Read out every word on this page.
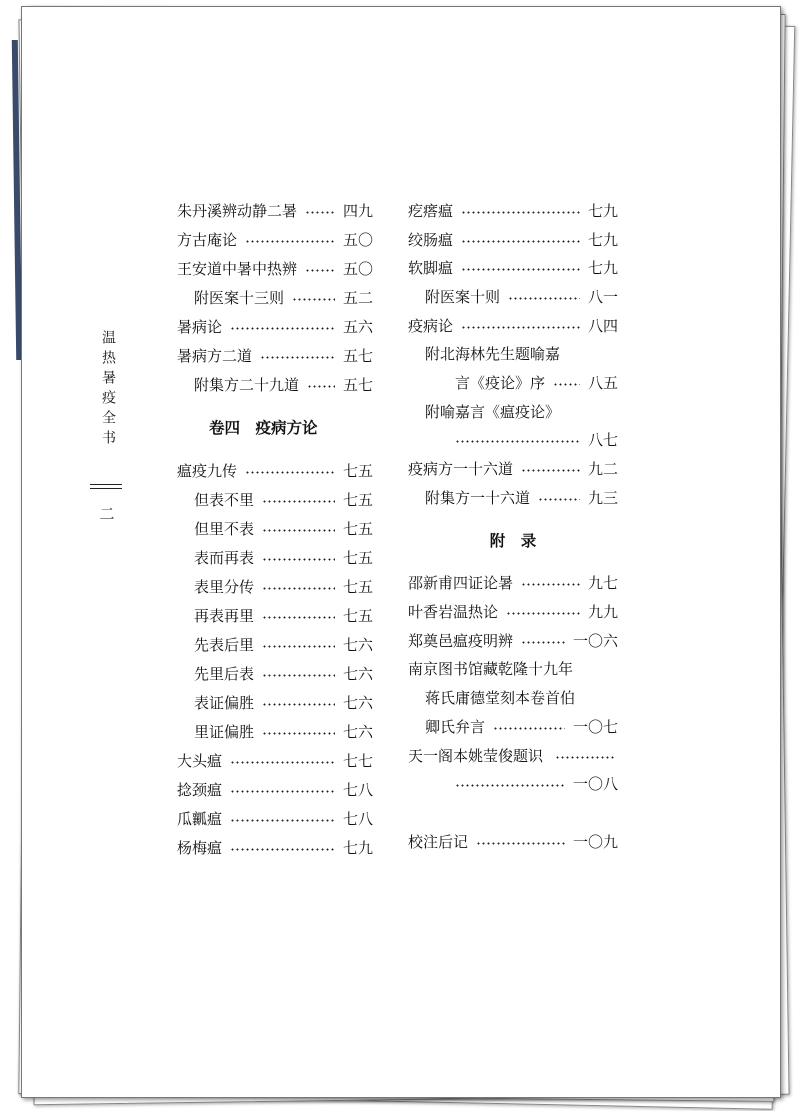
温热暑疫全书
二
朱丹溪辨动静二暑	四九
方古庵论	五〇
王安道中暑中热辨	五〇
附医案十三则	五二
暑病论	五六
暑病方二道	五七
附集方二十九道	五七
卷四　疫病方论
瘟疫九传	七五
但表不里	七五
但里不表	七五
表而再表	七五
表里分传	七五
再表再里	七五
先表后里	七六
先里后表	七六
表证偏胜	七六
里证偏胜	七六
大头瘟	七七
捻颈瘟	七八
瓜瓤瘟	七八
杨梅瘟	七九
疙瘩瘟	七九
绞肠瘟	七九
软脚瘟	七九
附医案十则	八一
疫病论	八四
附北海林先生题喻嘉
言《疫论》序	八五
附喻嘉言《瘟疫论》
八七
疫病方一十六道	九二
附集方一十六道	九三
附　录
邵新甫四证论暑	九七
叶香岩温热论	九九
郑奠邑瘟疫明辨	一〇六
南京图书馆藏乾隆十九年
蒋氏庸德堂刻本卷首伯
卿氏弁言	一〇七
天一阁本姚莹俊题识
一〇八
校注后记	一〇九
